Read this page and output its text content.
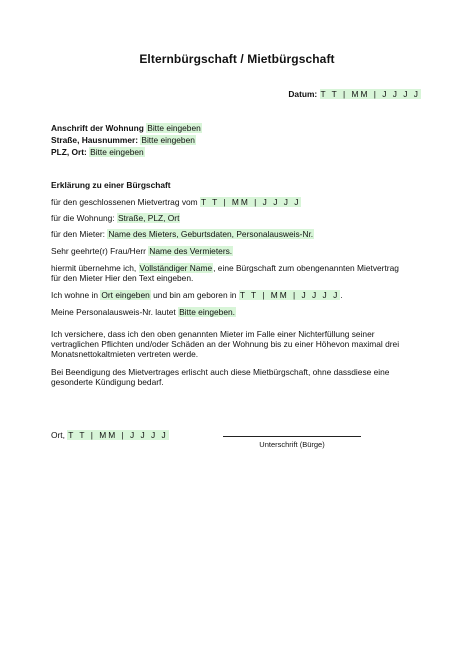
Elternbürgschaft / Mietbürgschaft
Datum: T T | MM | J J J J
Anschrift der Wohnung Bitte eingeben
Straße, Hausnummer: Bitte eingeben
PLZ, Ort: Bitte eingeben
Erklärung zu einer Bürgschaft
für den geschlossenen Mietvertrag vom T T | MM | J J J J
für die Wohnung: Straße, PLZ, Ort
für den Mieter: Name des Mieters, Geburtsdaten, Personalausweis-Nr.
Sehr geehrte(r) Frau/Herr Name des Vermieters.
hiermit übernehme ich, Vollständiger Name, eine Bürgschaft zum obengenannten Mietvertrag
für den Mieter Hier den Text eingeben.
Ich wohne in Ort eingeben und bin am geboren in T T | MM | J J J J.
Meine Personalausweis-Nr. lautet Bitte eingeben.
Ich versichere, dass ich den oben genannten Mieter im Falle einer Nichterfüllung seiner
vertraglichen Pflichten und/oder Schäden an der Wohnung bis zu einer Höhevon maximal drei
Monatsnettokaltmieten vertreten werde.
Bei Beendigung des Mietvertrages erlischt auch diese Mietbürgschaft, ohne dassdiese eine
gesonderte Kündigung bedarf.
Ort, T T | MM | J J J J
Unterschrift (Bürge)
